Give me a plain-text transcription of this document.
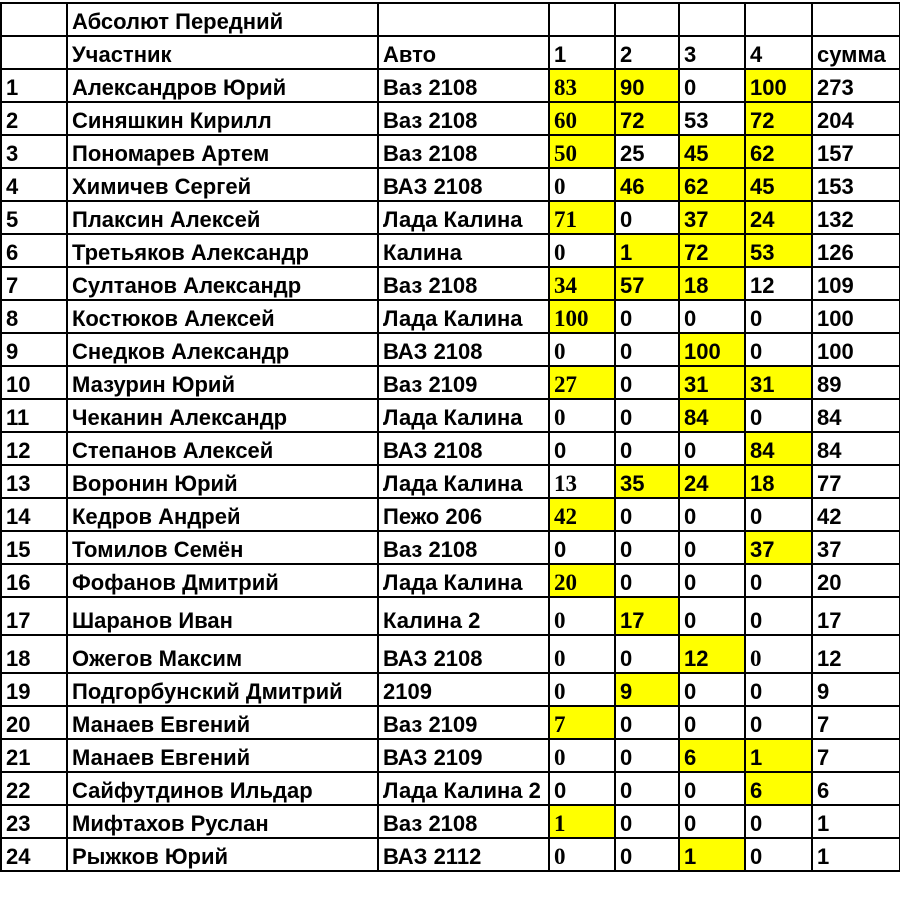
	Абсолют Передний						
	Участник	Авто	1	2	3	4	сумма
1	Александров Юрий	Ваз 2108	83	90	0	100	273
2	Синяшкин Кирилл	Ваз 2108	60	72	53	72	204
3	Пономарев Артем	Ваз 2108	50	25	45	62	157
4	Химичев Сергей	ВАЗ 2108	0	46	62	45	153
5	Плаксин Алексей	Лада Калина	71	0	37	24	132
6	Третьяков Александр	Калина	0	1	72	53	126
7	Султанов Александр	Ваз 2108	34	57	18	12	109
8	Костюков Алексей	Лада Калина	100	0	0	0	100
9	Снедков Александр	ВАЗ 2108	0	0	100	0	100
10	Мазурин Юрий	Ваз 2109	27	0	31	31	89
11	Чеканин Александр	Лада Калина	0	0	84	0	84
12	Степанов Алексей	ВАЗ 2108	0	0	0	84	84
13	Воронин Юрий	Лада Калина	13	35	24	18	77
14	Кедров Андрей	Пежо 206	42	0	0	0	42
15	Томилов Семён	Ваз 2108	0	0	0	37	37
16	Фофанов Дмитрий	Лада Калина	20	0	0	0	20
17	Шаранов Иван	Калина 2	0	17	0	0	17
18	Ожегов Максим	ВАЗ 2108	0	0	12	0	12
19	Подгорбунский Дмитрий	2109	0	9	0	0	9
20	Манаев Евгений	Ваз 2109	7	0	0	0	7
21	Манаев Евгений	ВАЗ 2109	0	0	6	1	7
22	Сайфутдинов Ильдар	Лада Калина 2	0	0	0	6	6
23	Мифтахов Руслан	Ваз 2108	1	0	0	0	1
24	Рыжков Юрий	ВАЗ 2112	0	0	1	0	1
